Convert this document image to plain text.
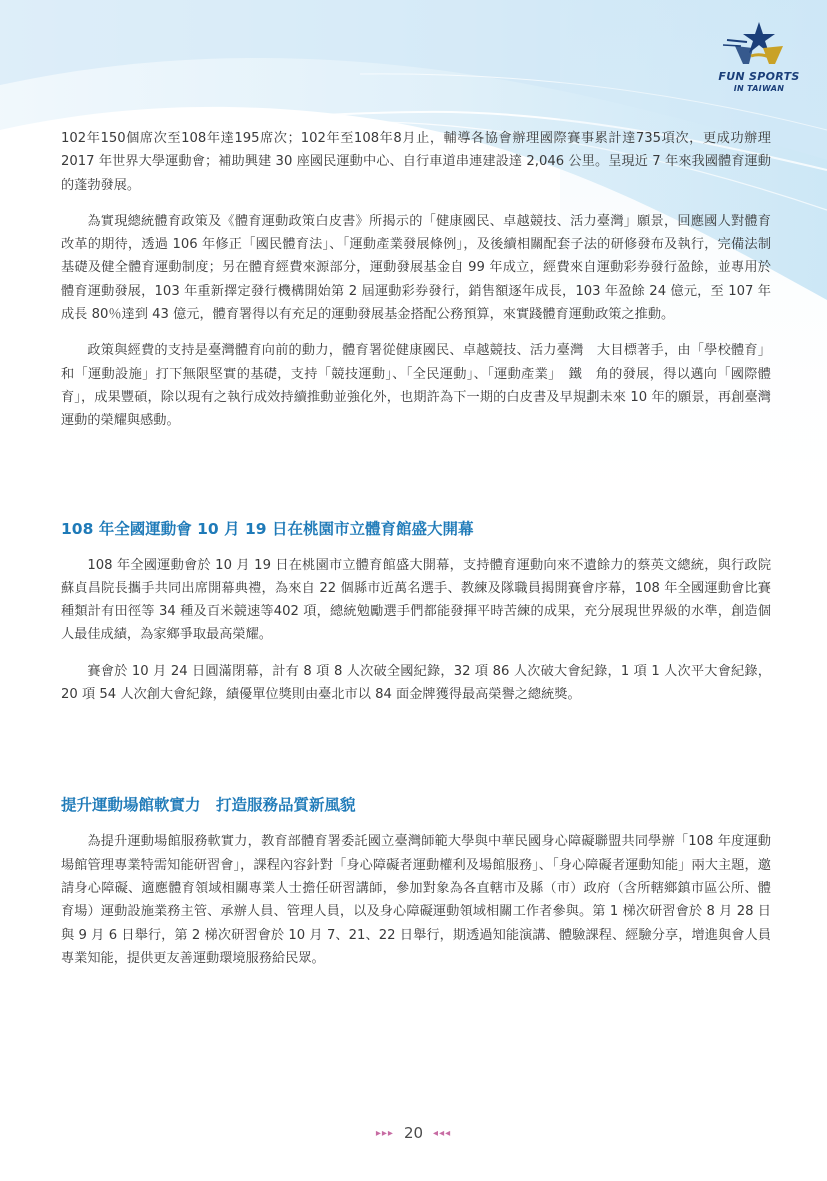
FUN SPORTS
IN TAIWAN

102年150個席次至108年達195席次；102年至108年8月止，輔導各協會辦理國際賽事累計達735項次，更成功辦理 2017 年世界大學運動會；補助興建 30 座國民運動中心、自行車道串連建設達 2,046 公里。呈現近 7 年來我國體育運動的蓬勃發展。

為實現總統體育政策及《體育運動政策白皮書》所揭示的「健康國民、卓越競技、活力臺灣」願景，回應國人對體育改革的期待，透過 106 年修正「國民體育法」、「運動產業發展條例」，及後續相關配套子法的研修發布及執行，完備法制基礎及健全體育運動制度；另在體育經費來源部分，運動發展基金自 99 年成立，經費來自運動彩券發行盈餘，並專用於體育運動發展，103 年重新擇定發行機構開始第 2 屆運動彩券發行，銷售額逐年成長，103 年盈餘 24 億元，至 107 年成長 80％達到 43 億元，體育署得以有充足的運動發展基金搭配公務預算，來實踐體育運動政策之推動。

政策與經費的支持是臺灣體育向前的動力，體育署從健康國民、卓越競技、活力臺灣　大目標著手，由「學校體育」和「運動設施」打下無限堅實的基礎，支持「競技運動」、「全民運動」、「運動產業」　鐵　角的發展，得以邁向「國際體育」，成果豐碩，除以現有之執行成效持續推動並強化外，也期許為下一期的白皮書及早規劃未來 10 年的願景，再創臺灣運動的榮耀與感動。

108 年全國運動會 10 月 19 日在桃園市立體育館盛大開幕

108 年全國運動會於 10 月 19 日在桃園市立體育館盛大開幕，支持體育運動向來不遺餘力的蔡英文總統，與行政院蘇貞昌院長攜手共同出席開幕典禮，為來自 22 個縣市近萬名選手、教練及隊職員揭開賽會序幕，108 年全國運動會比賽種類計有田徑等 34 種及百米競速等402 項，總統勉勵選手們都能發揮平時苦練的成果，充分展現世界級的水準，創造個人最佳成績，為家鄉爭取最高榮耀。

賽會於 10 月 24 日圓滿閉幕，計有 8 項 8 人次破全國紀錄，32 項 86 人次破大會紀錄，1 項 1 人次平大會紀錄，20 項 54 人次創大會紀錄，績優單位獎則由臺北市以 84 面金牌獲得最高榮譽之總統獎。

提升運動場館軟實力　打造服務品質新風貌

為提升運動場館服務軟實力，教育部體育署委託國立臺灣師範大學與中華民國身心障礙聯盟共同學辦「108 年度運動場館管理專業特需知能研習會」，課程內容針對「身心障礙者運動權利及場館服務」、「身心障礙者運動知能」兩大主題，邀請身心障礙、適應體育領域相關專業人士擔任研習講師，參加對象為各直轄市及縣（市）政府（含所轄鄉鎮市區公所、體育場）運動設施業務主管、承辦人員、管理人員，以及身心障礙運動領域相關工作者參與。第 1 梯次研習會於 8 月 28 日與 9 月 6 日舉行，第 2 梯次研習會於 10 月 7、21、22 日舉行，期透過知能演講、體驗課程、經驗分享，增進與會人員專業知能，提供更友善運動環境服務給民眾。

▸▸▸ 20 ◂◂◂
